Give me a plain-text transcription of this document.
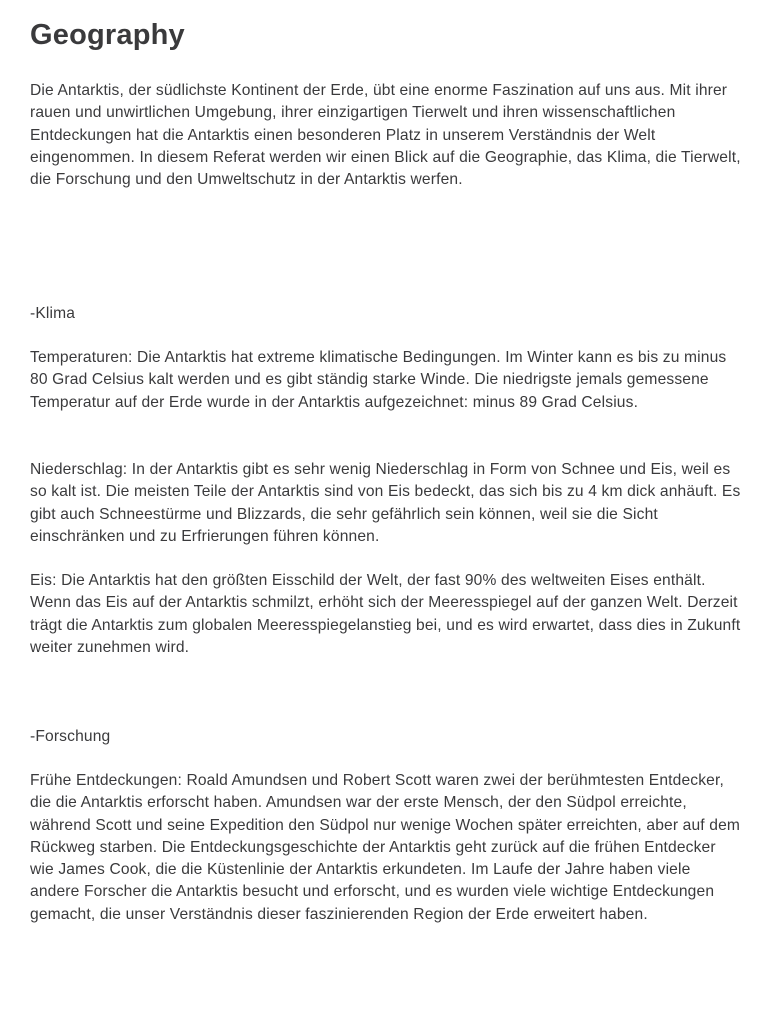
Geography

Die Antarktis, der südlichste Kontinent der Erde, übt eine enorme Faszination auf uns aus. Mit ihrer rauen und unwirtlichen Umgebung, ihrer einzigartigen Tierwelt und ihren wissenschaftlichen Entdeckungen hat die Antarktis einen besonderen Platz in unserem Verständnis der Welt eingenommen. In diesem Referat werden wir einen Blick auf die Geographie, das Klima, die Tierwelt, die Forschung und den Umweltschutz in der Antarktis werfen.

-Klima

Temperaturen: Die Antarktis hat extreme klimatische Bedingungen. Im Winter kann es bis zu minus 80 Grad Celsius kalt werden und es gibt ständig starke Winde. Die niedrigste jemals gemessene Temperatur auf der Erde wurde in der Antarktis aufgezeichnet: minus 89 Grad Celsius.

Niederschlag: In der Antarktis gibt es sehr wenig Niederschlag in Form von Schnee und Eis, weil es so kalt ist. Die meisten Teile der Antarktis sind von Eis bedeckt, das sich bis zu 4 km dick anhäuft. Es gibt auch Schneestürme und Blizzards, die sehr gefährlich sein können, weil sie die Sicht einschränken und zu Erfrierungen führen können.

Eis: Die Antarktis hat den größten Eisschild der Welt, der fast 90% des weltweiten Eises enthält. Wenn das Eis auf der Antarktis schmilzt, erhöht sich der Meeresspiegel auf der ganzen Welt. Derzeit trägt die Antarktis zum globalen Meeresspiegelanstieg bei, und es wird erwartet, dass dies in Zukunft weiter zunehmen wird.

-Forschung

Frühe Entdeckungen: Roald Amundsen und Robert Scott waren zwei der berühmtesten Entdecker, die die Antarktis erforscht haben. Amundsen war der erste Mensch, der den Südpol erreichte, während Scott und seine Expedition den Südpol nur wenige Wochen später erreichten, aber auf dem Rückweg starben. Die Entdeckungsgeschichte der Antarktis geht zurück auf die frühen Entdecker wie James Cook, die die Küstenlinie der Antarktis erkundeten. Im Laufe der Jahre haben viele andere Forscher die Antarktis besucht und erforscht, und es wurden viele wichtige Entdeckungen gemacht, die unser Verständnis dieser faszinierenden Region der Erde erweitert haben.
